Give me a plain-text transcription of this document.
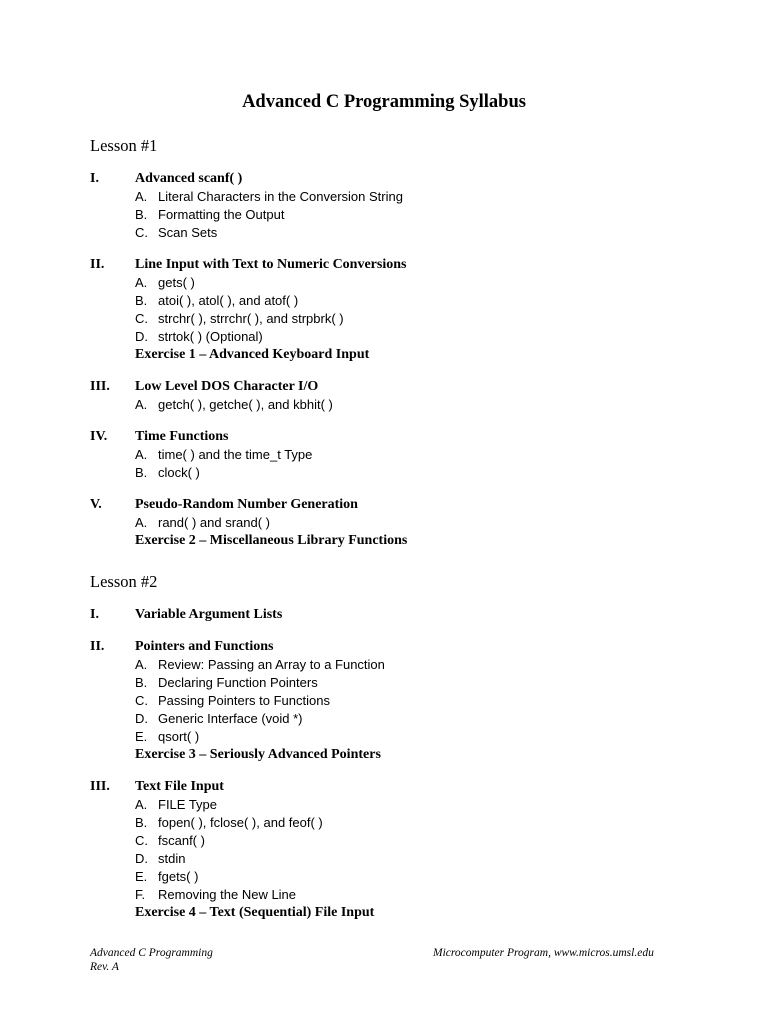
Advanced C Programming Syllabus
Lesson #1
I.	Advanced scanf( )
A. Literal Characters in the Conversion String
B. Formatting the Output
C. Scan Sets
II.	Line Input with Text to Numeric Conversions
A. gets( )
B. atoi( ), atol( ), and atof( )
C. strchr( ), strrchr( ), and strpbrk( )
D. strtok( ) (Optional)
Exercise 1 – Advanced Keyboard Input
III.	Low Level DOS Character I/O
A. getch( ), getche( ), and kbhit( )
IV.	Time Functions
A. time( ) and the time_t Type
B. clock( )
V.	Pseudo-Random Number Generation
A. rand( ) and srand( )
Exercise 2 – Miscellaneous Library Functions
Lesson #2
I.	Variable Argument Lists
II.	Pointers and Functions
A. Review: Passing an Array to a Function
B. Declaring Function Pointers
C. Passing Pointers to Functions
D. Generic Interface (void *)
E. qsort( )
Exercise 3 – Seriously Advanced Pointers
III.	Text File Input
A. FILE Type
B. fopen( ), fclose( ), and feof( )
C. fscanf( )
D. stdin
E. fgets( )
F. Removing the New Line
Exercise 4 – Text (Sequential) File Input
Advanced C Programming
Rev. A
Microcomputer Program, www.micros.umsl.edu
